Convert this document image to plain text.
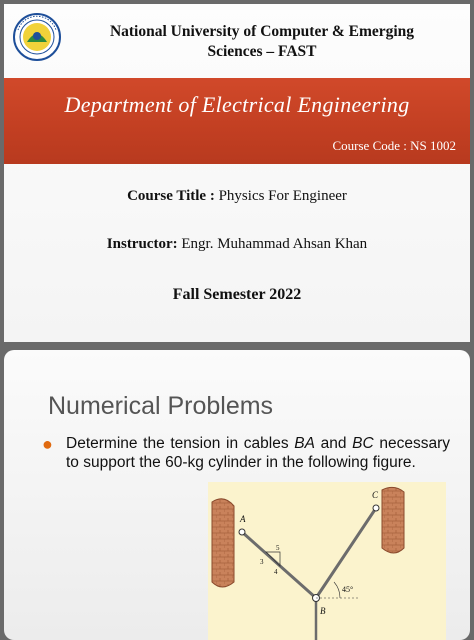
National University of Computer & Emerging
Sciences – FAST
Department of Electrical Engineering
Course Code : NS 1002
Course Title : Physics For Engineer
Instructor: Engr. Muhammad Ahsan Khan
Fall Semester 2022
Numerical Problems
● Determine the tension in cables BA and BC necessary to support the 60-kg cylinder in the following figure.
A
C
B
3
4
5
45°
